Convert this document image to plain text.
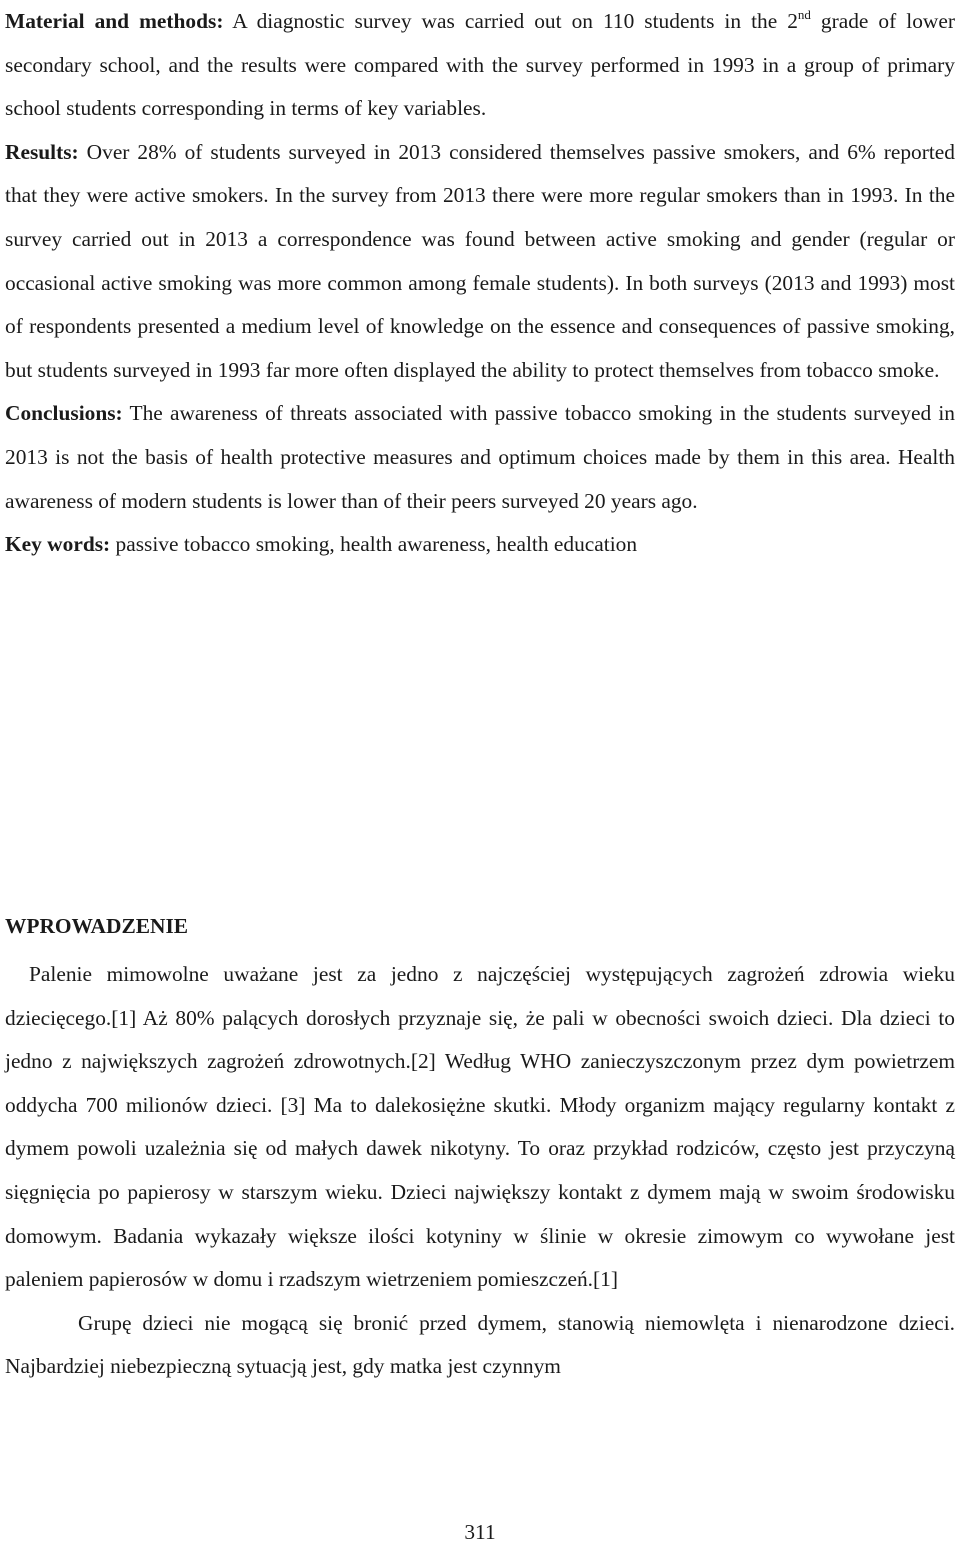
Material and methods: A diagnostic survey was carried out on 110 students in the 2nd grade of lower secondary school, and the results were compared with the survey performed in 1993 in a group of primary school students corresponding in terms of key variables.

Results: Over 28% of students surveyed in 2013 considered themselves passive smokers, and 6% reported that they were active smokers. In the survey from 2013 there were more regular smokers than in 1993. In the survey carried out in 2013 a correspondence was found between active smoking and gender (regular or occasional active smoking was more common among female students). In both surveys (2013 and 1993) most of respondents presented a medium level of knowledge on the essence and consequences of passive smoking, but students surveyed in 1993 far more often displayed the ability to protect themselves from tobacco smoke.

Conclusions: The awareness of threats associated with passive tobacco smoking in the students surveyed in 2013 is not the basis of health protective measures and optimum choices made by them in this area. Health awareness of modern students is lower than of their peers surveyed 20 years ago.

Key words: passive tobacco smoking, health awareness, health education

WPROWADZENIE

Palenie mimowolne uważane jest za jedno z najczęściej występujących zagrożeń zdrowia wieku dziecięcego.[1] Aż 80% palących dorosłych przyznaje się, że pali w obecności swoich dzieci. Dla dzieci to jedno z największych zagrożeń zdrowotnych.[2] Według WHO zanieczyszczonym przez dym powietrzem oddycha 700 milionów dzieci. [3] Ma to dalekosiężne skutki. Młody organizm mający regularny kontakt z dymem powoli uzależnia się od małych dawek nikotyny. To oraz przykład rodziców, często jest przyczyną sięgnięcia po papierosy w starszym wieku. Dzieci największy kontakt z dymem mają w swoim środowisku domowym. Badania wykazały większe ilości kotyniny w ślinie w okresie zimowym co wywołane jest paleniem papierosów w domu i rzadszym wietrzeniem pomieszczeń.[1]

Grupę dzieci nie mogącą się bronić przed dymem, stanowią niemowlęta i nienarodzone dzieci. Najbardziej niebezpieczną sytuacją jest, gdy matka jest czynnym

311
